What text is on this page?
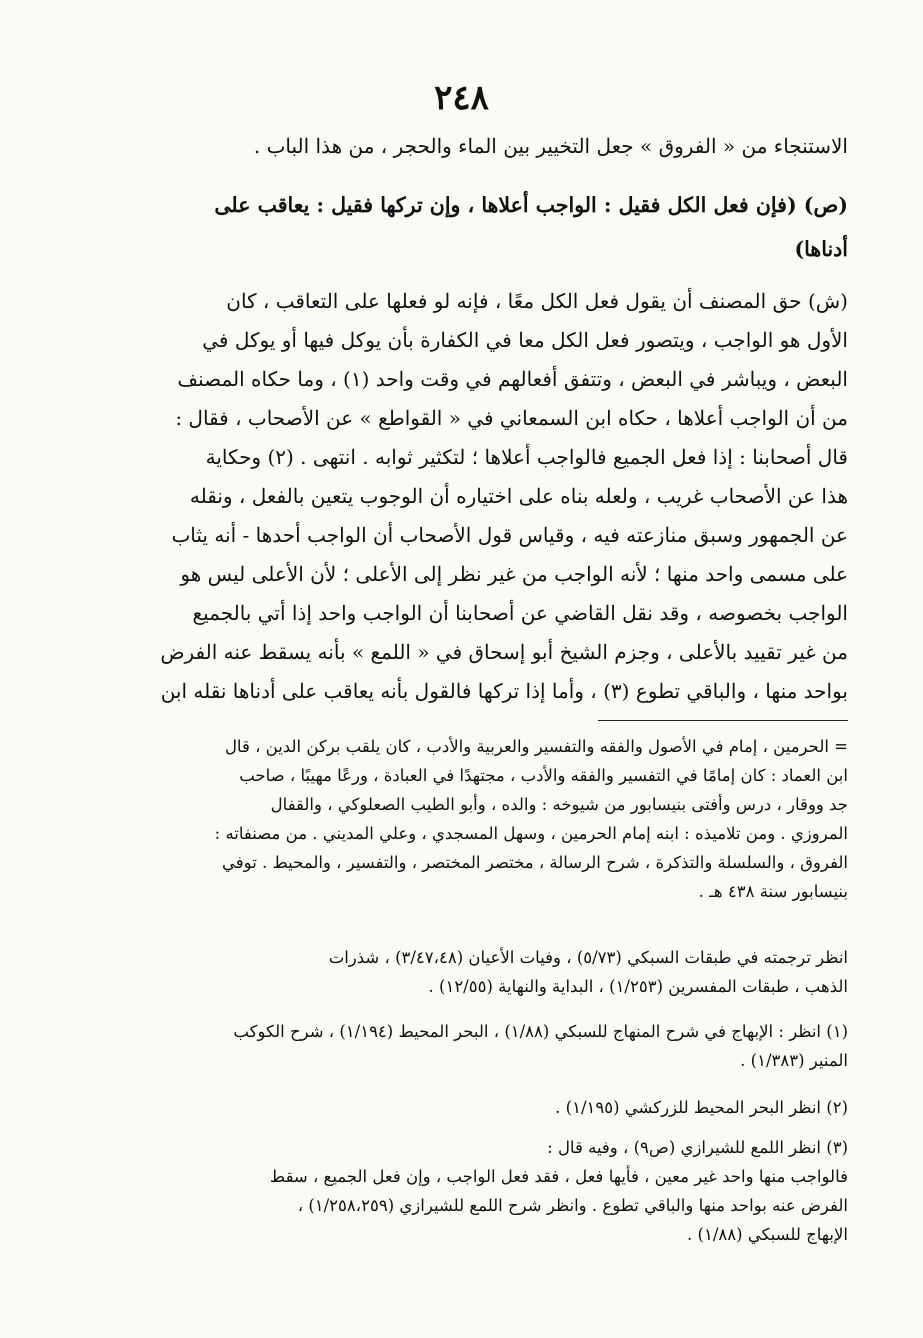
٢٤٨
الاستنجاء من « الفروق » جعل التخيير بين الماء والحجر ، من هذا الباب .
(ص) (فإن فعل الكل فقيل : الواجب أعلاها ، وإن تركها فقيل : يعاقب على
أدناها)
(ش) حق المصنف أن يقول فعل الكل معًا ، فإنه لو فعلها على التعاقب ، كان
الأول هو الواجب ، ويتصور فعل الكل معا في الكفارة بأن يوكل فيها أو يوكل في
البعض ، ويباشر في البعض ، وتتفق أفعالهم في وقت واحد (١) ، وما حكاه المصنف
من أن الواجب أعلاها ، حكاه ابن السمعاني في « القواطع » عن الأصحاب ، فقال :
قال أصحابنا : إذا فعل الجميع فالواجب أعلاها ؛ لتكثير ثوابه . انتهى . (٢) وحكاية
هذا عن الأصحاب غريب ، ولعله بناه على اختياره أن الوجوب يتعين بالفعل ، ونقله
عن الجمهور وسبق منازعته فيه ، وقياس قول الأصحاب أن الواجب أحدها - أنه يثاب
على مسمى واحد منها ؛ لأنه الواجب من غير نظر إلى الأعلى ؛ لأن الأعلى ليس هو
الواجب بخصوصه ، وقد نقل القاضي عن أصحابنا أن الواجب واحد إذا أتي بالجميع
من غير تقييد بالأعلى ، وجزم الشيخ أبو إسحاق في « اللمع » بأنه يسقط عنه الفرض
بواحد منها ، والباقي تطوع (٣) ، وأما إذا تركها فالقول بأنه يعاقب على أدناها نقله ابن
= الحرمين ، إمام في الأصول والفقه والتفسير والعربية والأدب ، كان يلقب بركن الدين ، قال
ابن العماد : كان إمامًا في التفسير والفقه والأدب ، مجتهدًا في العبادة ، ورعًا مهيبًا ، صاحب
جد ووقار ، درس وأفتى بنيسابور من شيوخه : والده ، وأبو الطيب الصعلوكي ، والقفال
المروزي . ومن تلاميذه : ابنه إمام الحرمين ، وسهل المسجدي ، وعلي المديني . من مصنفاته :
الفروق ، والسلسلة والتذكرة ، شرح الرسالة ، مختصر المختصر ، والتفسير ، والمحيط . توفي
بنيسابور سنة ٤٣٨ هـ .
انظر ترجمته في طبقات السبكي (٥/٧٣) ، وفيات الأعيان (٣/٤٧،٤٨) ، شذرات
الذهب ، طبقات المفسرين (١/٢٥٣) ، البداية والنهاية (١٢/٥٥) .
(١) انظر : الإبهاج في شرح المنهاج للسبكي (١/٨٨) ، البحر المحيط (١/١٩٤) ، شرح الكوكب
المنير (١/٣٨٣) .
(٢) انظر البحر المحيط للزركشي (١/١٩٥) .
(٣) انظر اللمع للشيرازي (ص٩) ، وفيه قال :
فالواجب منها واحد غير معين ، فأيها فعل ، فقد فعل الواجب ، وإن فعل الجميع ، سقط
الفرض عنه بواحد منها والباقي تطوع . وانظر شرح اللمع للشيرازي (١/٢٥٨،٢٥٩) ،
الإبهاج للسبكي (١/٨٨) .
